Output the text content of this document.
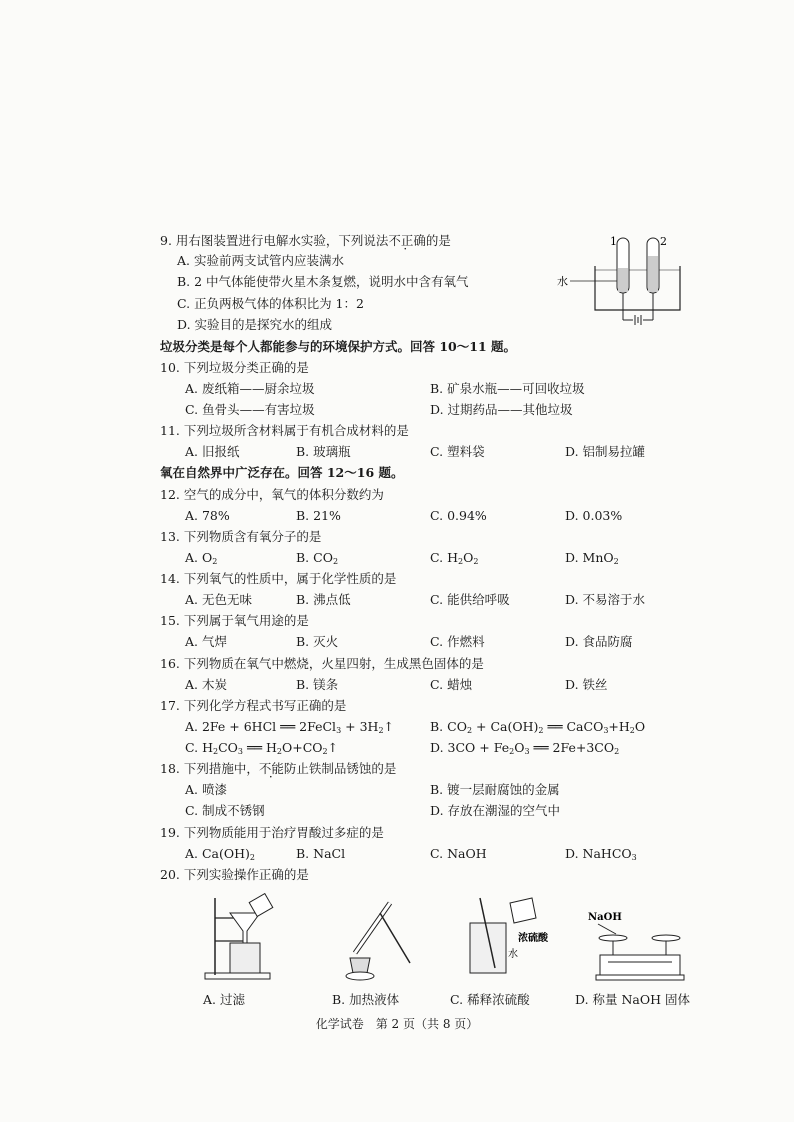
9. 用右图装置进行电解水实验，下列说法不正确的是
A. 实验前两支试管内应装满水
B. 2 中气体能使带火星木条复燃，说明水中含有氧气
C. 正负两极气体的体积比为 1：2
D. 实验目的是探究水的组成
1	2
水
垃圾分类是每个人都能参与的环境保护方式。回答 10～11 题。
10. 下列垃圾分类正确的是
A. 废纸箱——厨余垃圾	B. 矿泉水瓶——可回收垃圾
C. 鱼骨头——有害垃圾	D. 过期药品——其他垃圾
11. 下列垃圾所含材料属于有机合成材料的是
A. 旧报纸	B. 玻璃瓶	C. 塑料袋	D. 铝制易拉罐
氧在自然界中广泛存在。回答 12～16 题。
12. 空气的成分中，氧气的体积分数约为
A. 78%	B. 21%	C. 0.94%	D. 0.03%
13. 下列物质含有氧分子的是
A. $O_2$	B. $CO_2$	C. $H_2O_2$	D. MnO$_2$
14. 下列氧气的性质中，属于化学性质的是
A. 无色无味	B. 沸点低	C. 能供给呼吸	D. 不易溶于水
15. 下列属于氧气用途的是
A. 气焊	B. 灭火	C. 作燃料	D. 食品防腐
16. 下列物质在氧气中燃烧，火星四射，生成黑色固体的是
A. 木炭	B. 镁条	C. 蜡烛	D. 铁丝
17. 下列化学方程式书写正确的是
A. 2Fe + 6HCl ══ 2FeCl$_3$ + $3H_2↑$	B. $CO_2 + Ca(OH)_2$ ══ $CaCO_3+H_2O$
C. $H_2CO_3$ ══ $H_2O+CO_2↑$	D. $3CO + Fe_2O_3$ ══ $2Fe+3CO_2$
18. 下列措施中，不能防止铁制品锈蚀的是
A. 喷漆	B. 镀一层耐腐蚀的金属
C. 制成不锈钢	D. 存放在潮湿的空气中
19. 下列物质能用于治疗胃酸过多症的是
A. $Ca(OH)_2$	B. NaCl	C. NaOH	D. NaHCO$_3$
20. 下列实验操作正确的是
浓硫酸
水
NaOH
A. 过滤	B. 加热液体	C. 稀释浓硫酸	D. 称量 NaOH 固体
化学试卷　第 2 页（共 8 页）
